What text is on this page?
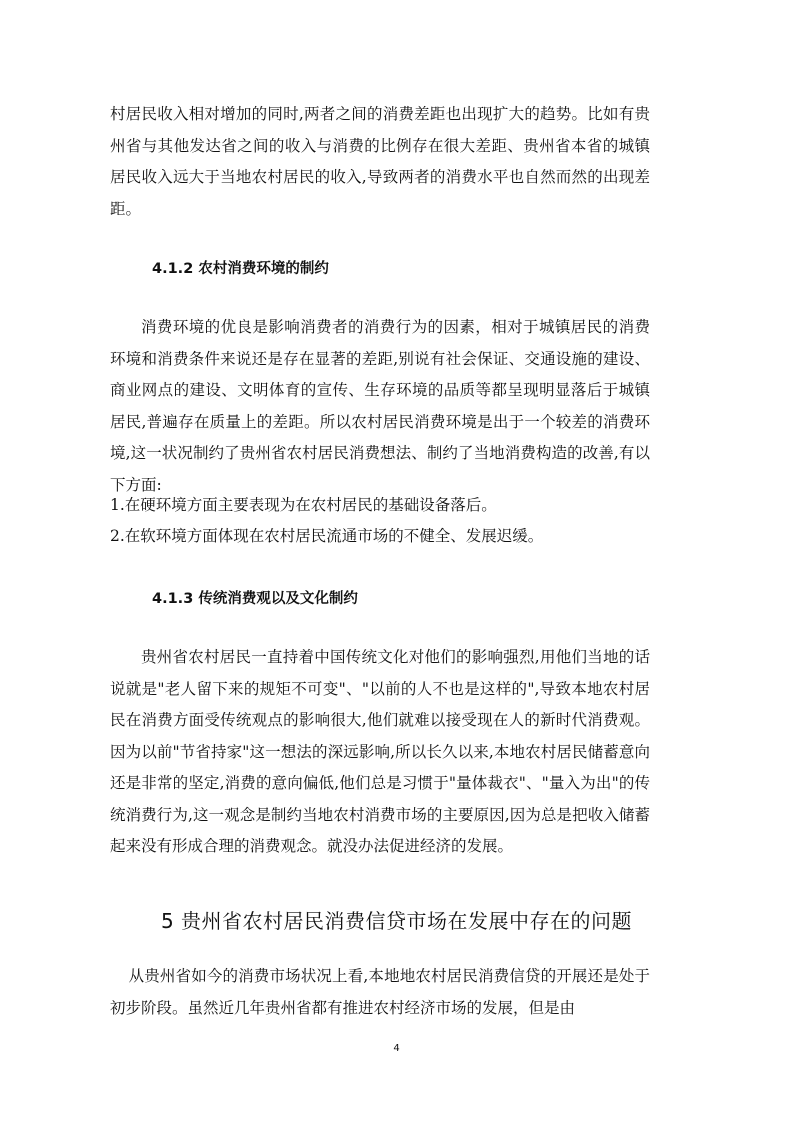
村居民收入相对增加的同时,两者之间的消费差距也出现扩大的趋势。比如有贵州省与其他发达省之间的收入与消费的比例存在很大差距、贵州省本省的城镇居民收入远大于当地农村居民的收入,导致两者的消费水平也自然而然的出现差距。

4.1.2 农村消费环境的制约

消费环境的优良是影响消费者的消费行为的因素，相对于城镇居民的消费环境和消费条件来说还是存在显著的差距,别说有社会保证、交通设施的建设、商业网点的建设、文明体育的宣传、生存环境的品质等都呈现明显落后于城镇居民,普遍存在质量上的差距。所以农村居民消费环境是出于一个较差的消费环境,这一状况制约了贵州省农村居民消费想法、制约了当地消费构造的改善,有以下方面:

1.在硬环境方面主要表现为在农村居民的基础设备落后。

2.在软环境方面体现在农村居民流通市场的不健全、发展迟缓。

4.1.3 传统消费观以及文化制约

贵州省农村居民一直持着中国传统文化对他们的影响强烈,用他们当地的话说就是"老人留下来的规矩不可变"、"以前的人不也是这样的",导致本地农村居民在消费方面受传统观点的影响很大,他们就难以接受现在人的新时代消费观。因为以前"节省持家"这一想法的深远影响,所以长久以来,本地农村居民储蓄意向还是非常的坚定,消费的意向偏低,他们总是习惯于"量体裁衣"、"量入为出"的传统消费行为,这一观念是制约当地农村消费市场的主要原因,因为总是把收入储蓄起来没有形成合理的消费观念。就没办法促进经济的发展。

5 贵州省农村居民消费信贷市场在发展中存在的问题

从贵州省如今的消费市场状况上看,本地地农村居民消费信贷的开展还是处于初步阶段。虽然近几年贵州省都有推进农村经济市场的发展，但是由

4
